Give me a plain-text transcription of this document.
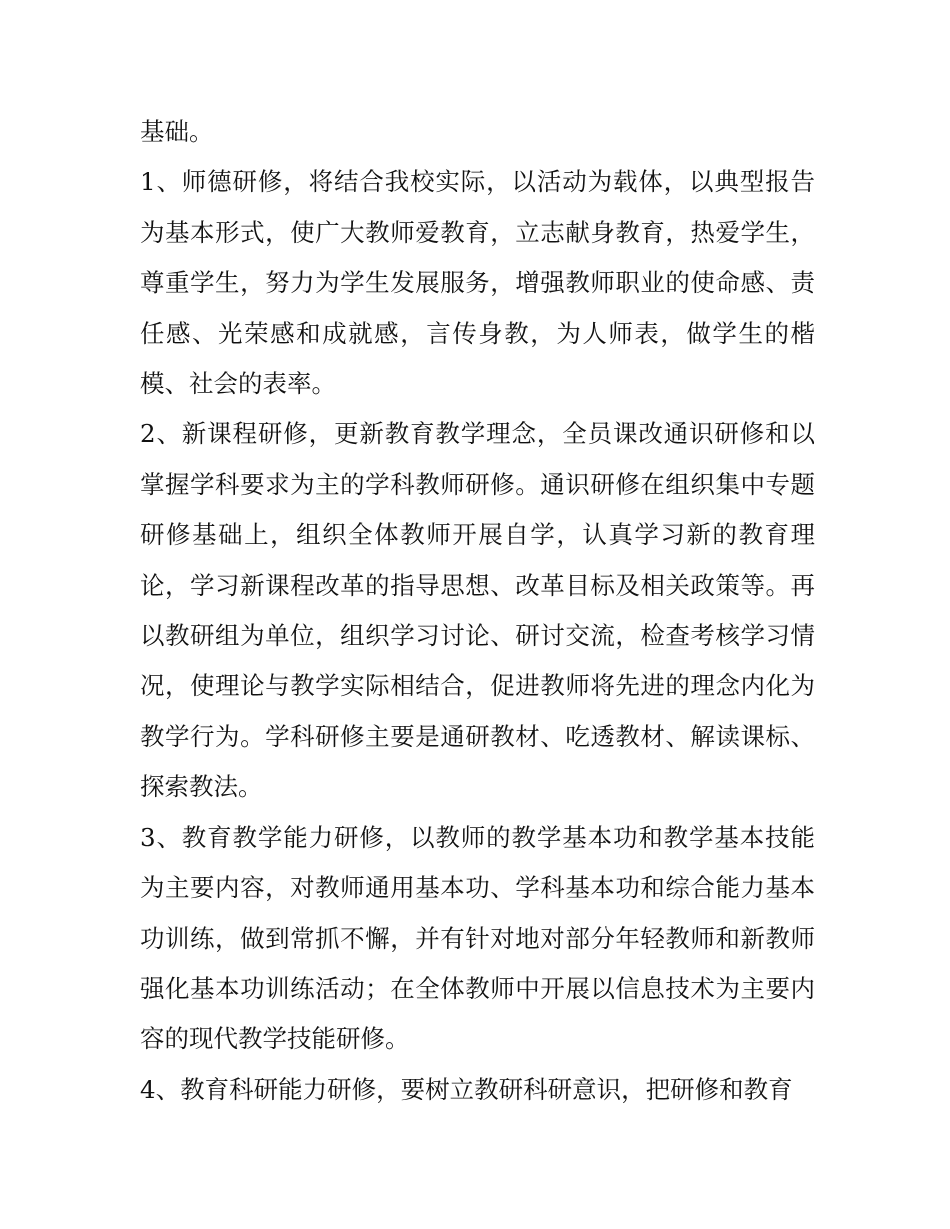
基础。

1、师德研修，将结合我校实际，以活动为载体，以典型报告为基本形式，使广大教师爱教育，立志献身教育，热爱学生，尊重学生，努力为学生发展服务，增强教师职业的使命感、责任感、光荣感和成就感，言传身教，为人师表，做学生的楷模、社会的表率。

2、新课程研修，更新教育教学理念，全员课改通识研修和以掌握学科要求为主的学科教师研修。通识研修在组织集中专题研修基础上，组织全体教师开展自学，认真学习新的教育理论，学习新课程改革的指导思想、改革目标及相关政策等。再以教研组为单位，组织学习讨论、研讨交流，检查考核学习情况，使理论与教学实际相结合，促进教师将先进的理念内化为教学行为。学科研修主要是通研教材、吃透教材、解读课标、探索教法。

3、教育教学能力研修，以教师的教学基本功和教学基本技能为主要内容，对教师通用基本功、学科基本功和综合能力基本功训练，做到常抓不懈，并有针对地对部分年轻教师和新教师强化基本功训练活动；在全体教师中开展以信息技术为主要内容的现代教学技能研修。

4、教育科研能力研修，要树立教研科研意识，把研修和教育
